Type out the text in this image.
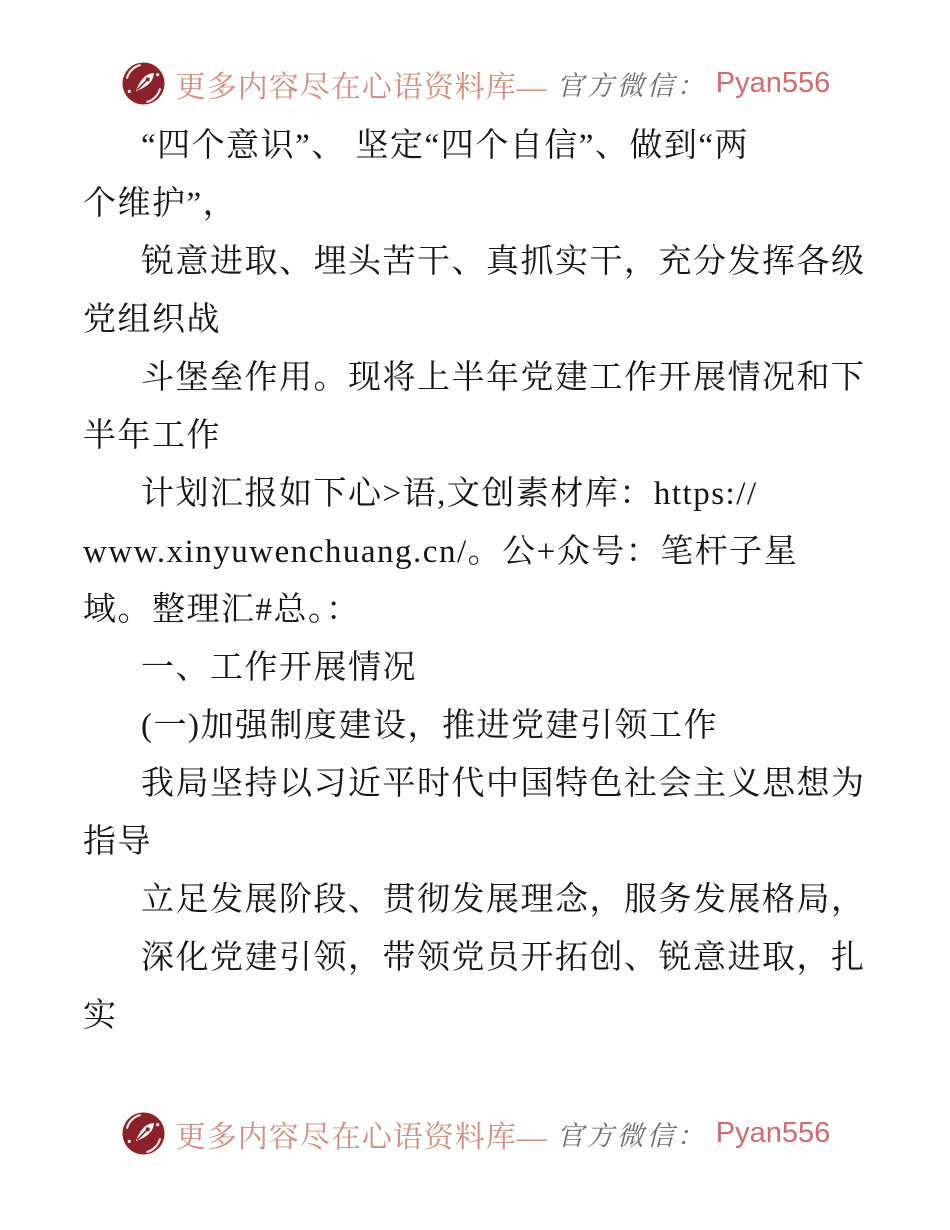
更多内容尽在心语资料库— 官方微信： Pyan556
“四个意识”、 坚定“四个自信”、做到“两
个维护”，
锐意进取、埋头苦干、真抓实干，充分发挥各级
党组织战
斗堡垒作用。现将上半年党建工作开展情况和下
半年工作
计划汇报如下心>语,文创素材库：https://
www.xinyuwenchuang.cn/。公+众号：笔杆子星
域。整理汇#总。：
一、工作开展情况
(一)加强制度建设，推进党建引领工作
我局坚持以习近平时代中国特色社会主义思想为
指导
立足发展阶段、贯彻发展理念，服务发展格局，
深化党建引领，带领党员开拓创、锐意进取，扎
实
更多内容尽在心语资料库— 官方微信： Pyan556
